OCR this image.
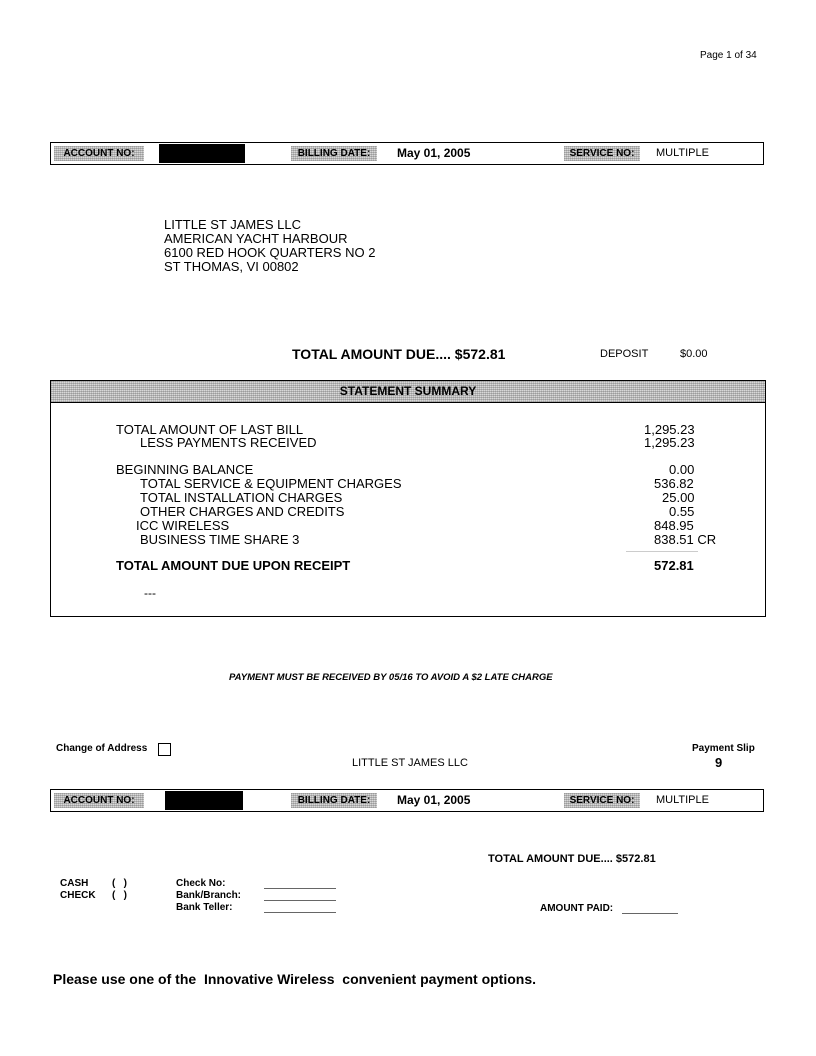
Page 1 of 34
ACCOUNT NO:	BILLING DATE:	May 01, 2005	SERVICE NO:	MULTIPLE
LITTLE ST JAMES LLC
AMERICAN YACHT HARBOUR
6100 RED HOOK QUARTERS NO 2
ST THOMAS, VI 00802
TOTAL AMOUNT DUE.... $572.81	DEPOSIT	$0.00
STATEMENT SUMMARY
TOTAL AMOUNT OF LAST BILL	1,295.23
LESS PAYMENTS RECEIVED	1,295.23
BEGINNING BALANCE	0.00
TOTAL SERVICE & EQUIPMENT CHARGES	536.82
TOTAL INSTALLATION CHARGES	25.00
OTHER CHARGES AND CREDITS	0.55
ICC WIRELESS	848.95
BUSINESS TIME SHARE 3	838.51 CR
TOTAL AMOUNT DUE UPON RECEIPT	572.81
---
PAYMENT MUST BE RECEIVED BY 05/16 TO AVOID A $2 LATE CHARGE
Change of Address	Payment Slip
9
LITTLE ST JAMES LLC
ACCOUNT NO:	BILLING DATE:	May 01, 2005	SERVICE NO:	MULTIPLE
TOTAL AMOUNT DUE.... $572.81
CASH (   )
CHECK (   )
Check No:
Bank/Branch:
Bank Teller:	AMOUNT PAID:
Please use one of the  Innovative Wireless  convenient payment options.
